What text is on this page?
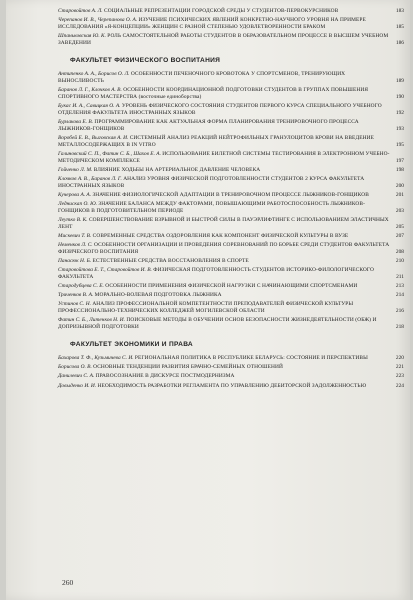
Старовойтов А. Л. СОЦИАЛЬНЫЕ РЕПРЕЗЕНТАЦИИ ГОРОДСКОЙ СРЕДЫ У СТУДЕНТОВ-ПЕРВОКУРСНИКОВ	183
Черепанов И. В., Черепанова О. А. ИЗУЧЕНИЕ ПСИХИЧЕСКИХ ЯВЛЕНИЙ КОНКРЕТНО-НАУЧНОГО УРОВНЯ НА ПРИМЕРЕ ИССЛЕДОВАНИЯ «Я-КОНЦЕПЦИИ» ЖЕНЩИН С РАЗНОЙ СТЕПЕНЬЮ УДОВЛЕТВОРЕННОСТИ БРАКОМ	185
Шпаньковская Ю. К. РОЛЬ САМОСТОЯТЕЛЬНОЙ РАБОТЫ СТУДЕНТОВ В ОБРАЗОВАТЕЛЬНОМ ПРОЦЕССЕ В ВЫСШЕМ УЧЕБНОМ ЗАВЕДЕНИИ	186
ФАКУЛЬТЕТ ФИЗИЧЕСКОГО ВОСПИТАНИЯ
Антипенко А. А., Борисов О. Л. ОСОБЕННОСТИ ПЕЧЕНОЧНОГО КРОВОТОКА У СПОРТСМЕНОВ, ТРЕНИРУЮЩИХ ВЫНОСЛИВОСТЬ	189
Баранов Л. Г., Клочков А. В. ОСОБЕННОСТИ КООРДИНАЦИОННОЙ ПОДГОТОВКИ СТУДЕНТОВ В ГРУППАХ ПОВЫШЕНИЯ СПОРТИВНОГО МАСТЕРСТВА (восточные единоборства)	190
Букас И. А., Савицкая О. А. УРОВЕНЬ ФИЗИЧЕСКОГО СОСТОЯНИЯ СТУДЕНТОВ ПЕРВОГО КУРСА СПЕЦИАЛЬНОГО УЧЕБНОГО ОТДЕЛЕНИЯ ФАКУЛЬТЕТА ИНОСТРАННЫХ ЯЗЫКОВ	192
Бурлакова Е. В. ПРОГРАММИРОВАНИЕ КАК АКТУАЛЬНАЯ ФОРМА ПЛАНИРОВАНИЯ ТРЕНИРОВОЧНОГО ПРОЦЕССА ЛЫЖНИКОВ-ГОНЩИКОВ	193
Воробей Е. В., Выговская А. И. СИСТЕМНЫЙ АНАЛИЗ РЕАКЦИЙ НЕЙТРОФИЛЬНЫХ ГРАНУЛОЦИТОВ КРОВИ НА ВВЕДЕНИЕ МЕТАЛЛОСОДЕРЖАЩИХ В IN VITRO	195
Галиновский С. П., Фатин С. Б., Шахов Е. А. ИСПОЛЬЗОВАНИЕ БИЛЕТНОЙ СИСТЕМЫ ТЕСТИРОВАНИЯ В ЭЛЕКТРОННОМ УЧЕБНО-МЕТОДИЧЕСКОМ КОМПЛЕКСЕ	197
Гойченко Л. М. ВЛИЯНИЕ ХОДЬБЫ НА АРТЕРИАЛЬНОЕ ДАВЛЕНИЕ ЧЕЛОВЕКА	198
Клочков А. В., Баранов Л. Г. АНАЛИЗ УРОВНЯ ФИЗИЧЕСКОЙ ПОДГОТОВЛЕННОСТИ СТУДЕНТОВ 2 КУРСА ФАКУЛЬТЕТА ИНОСТРАННЫХ ЯЗЫКОВ	200
Кучерова А. А. ЗНАЧЕНИЕ ФИЗИОЛОГИЧЕСКОЙ АДАПТАЦИИ В ТРЕНИРОВОЧНОМ ПРОЦЕССЕ ЛЫЖНИКОВ-ГОНЩИКОВ	201
Леднискап О. Ю. ЗНАЧЕНИЕ БАЛАНСА МЕЖДУ ФАКТОРАМИ, ПОВЫШАЮЩИМИ РАБОТОСПОСОБНОСТЬ ЛЫЖНИКОВ-ГОНЩИКОВ В ПОДГОТОВИТЕЛЬНОМ ПЕРИОДЕ	203
Леутко В. К. СОВЕРШЕНСТВОВАНИЕ ВЗРЫВНОЙ И БЫСТРОЙ СИЛЫ В ПАУЭРЛИФТИНГЕ С ИСПОЛЬЗОВАНИЕМ ЭЛАСТИЧНЫХ ЛЕНТ	205
Мискевич Т. В. СОВРЕМЕННЫЕ СРЕДСТВА ОЗДОРОВЛЕНИЯ КАК КОМПОНЕНТ ФИЗИЧЕСКОЙ КУЛЬТУРЫ В ВУЗЕ	207
Неменков Л. С. ОСОБЕННОСТИ ОРГАНИЗАЦИИ И ПРОВЕДЕНИЯ СОРЕВНОВАНИЙ ПО БОРЬБЕ СРЕДИ СТУДЕНТОВ ФАКУЛЬТЕТА ФИЗИЧЕСКОГО ВОСПИТАНИЯ	208
Панасюк Н. Б. ЕСТЕСТВЕННЫЕ СРЕДСТВА ВОССТАНОВЛЕНИЯ В СПОРТЕ	210
Старовойтова Е. Т., Старовойтов И. В. ФИЗИЧЕСКАЯ ПОДГОТОВЛЕННОСТЬ СТУДЕНТОВ ИСТОРИКО-ФИЛОЛОГИЧЕСКОГО ФАКУЛЬТЕТА	211
Стародубцева С. Е. ОСОБЕННОСТИ ПРИМЕНЕНИЯ ФИЗИЧЕСКОЙ НАГРУЗКИ С НАЧИНАЮЩИМИ СПОРТСМЕНАМИ	213
Триченков В. А. МОРАЛЬНО-ВОЛЕВАЯ ПОДГОТОВКА ЛЫЖНИКА	214
Устинов С. Н. АНАЛИЗ ПРОФЕССИОНАЛЬНОЙ КОМПЕТЕНТНОСТИ ПРЕПОДАВАТЕЛЕЙ ФИЗИЧЕСКОЙ КУЛЬТУРЫ ПРОФЕССИОНАЛЬНО-ТЕХНИЧЕСКИХ КОЛЛЕДЖЕЙ МОГИЛЕВСКОЙ ОБЛАСТИ	216
Фатин С. Б., Литенков Н. И. ПОИСКОВЫЕ МЕТОДЫ В ОБУЧЕНИИ ОСНОВ БЕЗОПАСНОСТИ ЖИЗНЕДЕЯТЕЛЬНОСТИ (ОБЖ) И ДОПРИЗЫВНОЙ ПОДГОТОВКИ	218
ФАКУЛЬТЕТ ЭКОНОМИКИ И ПРАВА
Бахарова Т. Ф., Кузьмичева С. И. РЕГИОНАЛЬНАЯ ПОЛИТИКА В РЕСПУБЛИКЕ БЕЛАРУСЬ: СОСТОЯНИЕ И ПЕРСПЕКТИВЫ	220
Борисова О. В. ОСНОВНЫЕ ТЕНДЕНЦИИ РАЗВИТИЯ БРАЧНО-СЕМЕЙНЫХ ОТНОШЕНИЙ	221
Данилевич С. А. ПРАВОСОЗНАНИЕ В ДИСКУРСЕ ПОСТМОДЕРНИЗМА	223
Довыденко И. И. НЕОБХОДИМОСТЬ РАЗРАБОТКИ РЕГЛАМЕНТА ПО УПРАВЛЕНИЮ ДЕБИТОРСКОЙ ЗАДОЛЖЕННОСТЬЮ	224
260
